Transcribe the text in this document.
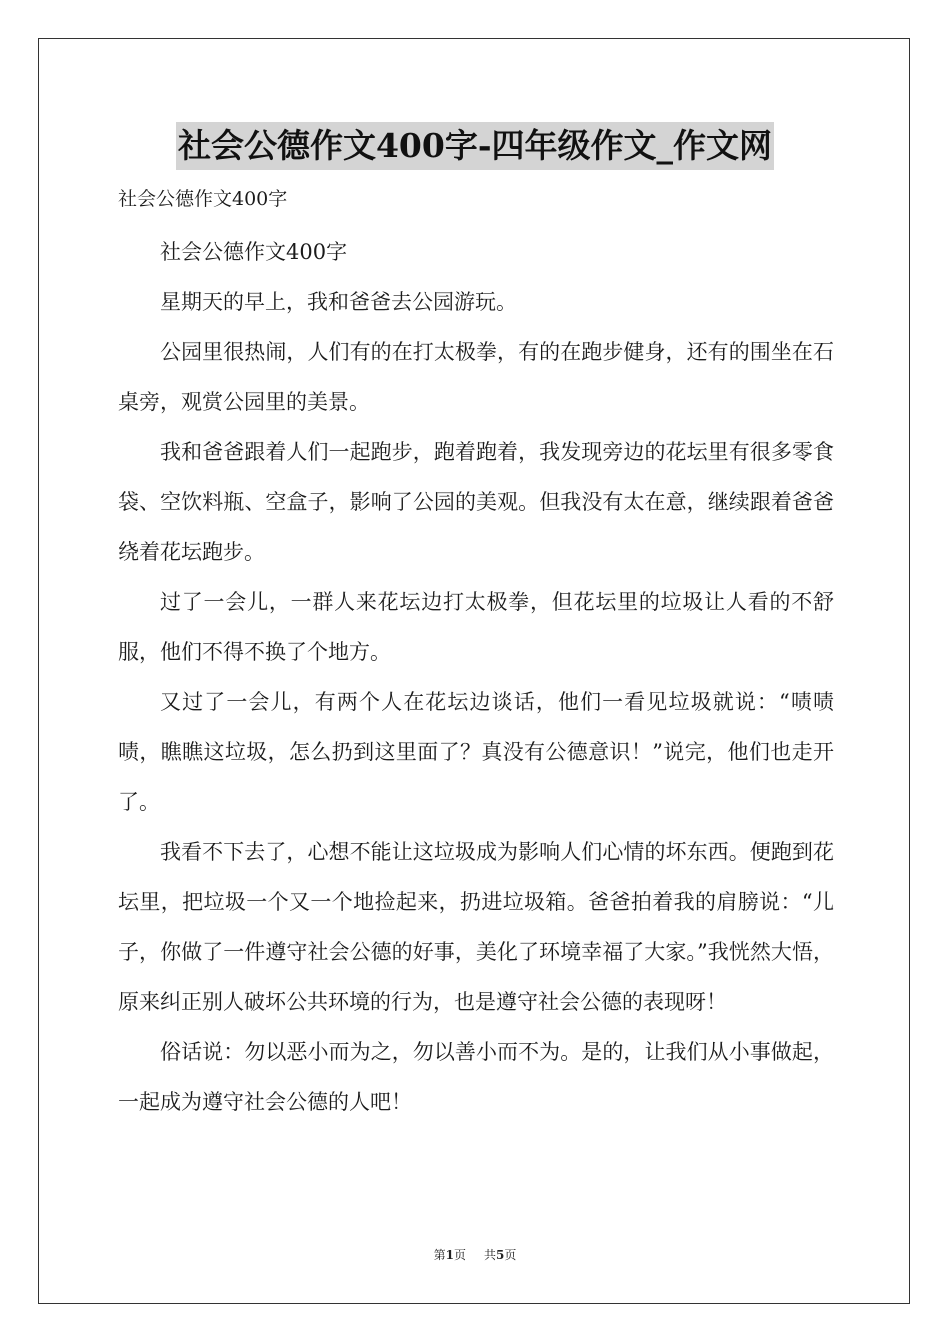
社会公德作文400字-四年级作文_作文网
社会公德作文400字

社会公德作文400字

星期天的早上，我和爸爸去公园游玩。

公园里很热闹，人们有的在打太极拳，有的在跑步健身，还有的围坐在石桌旁，观赏公园里的美景。

我和爸爸跟着人们一起跑步，跑着跑着，我发现旁边的花坛里有很多零食袋、空饮料瓶、空盒子，影响了公园的美观。但我没有太在意，继续跟着爸爸绕着花坛跑步。

过了一会儿，一群人来花坛边打太极拳，但花坛里的垃圾让人看的不舒服，他们不得不换了个地方。

又过了一会儿，有两个人在花坛边谈话，他们一看见垃圾就说：“啧啧啧，瞧瞧这垃圾，怎么扔到这里面了？真没有公德意识！”说完，他们也走开了。

我看不下去了，心想不能让这垃圾成为影响人们心情的坏东西。便跑到花坛里，把垃圾一个又一个地捡起来，扔进垃圾箱。爸爸拍着我的肩膀说：“儿子，你做了一件遵守社会公德的好事，美化了环境幸福了大家。”我恍然大悟，原来纠正别人破坏公共环境的行为，也是遵守社会公德的表现呀！

俗话说：勿以恶小而为之，勿以善小而不为。是的，让我们从小事做起，一起成为遵守社会公德的人吧！

第1页 共5页
